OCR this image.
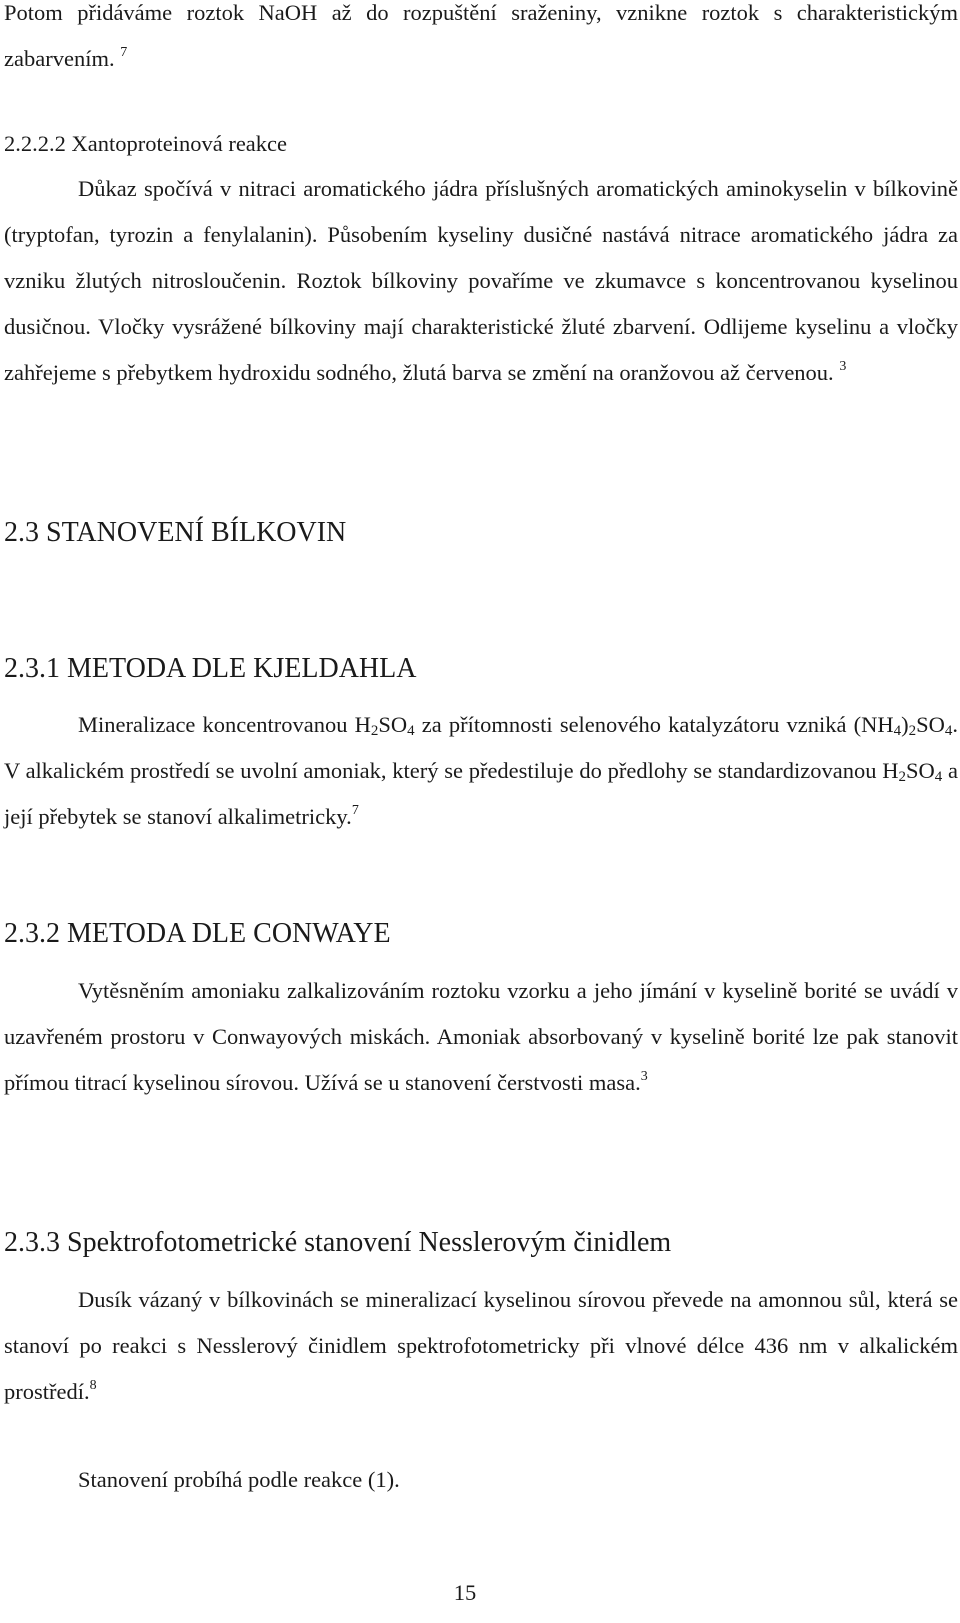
Potom přidáváme roztok NaOH až do rozpuštění sraženiny, vznikne roztok s charakteristickým zabarvením. $^7$

2.2.2.2 Xantoproteinová reakce

Důkaz spočívá v nitraci aromatického jádra příslušných aromatických aminokyselin v bílkovině (tryptofan, tyrozin a fenylalanin). Působením kyseliny dusičné nastává nitrace aromatického jádra za vzniku žlutých nitrosloučenin. Roztok bílkoviny povaříme ve zkumavce s koncentrovanou kyselinou dusičnou. Vločky vysrážené bílkoviny mají charakteristické žluté zbarvení. Odlijeme kyselinu a vločky zahřejeme s přebytkem hydroxidu sodného, žlutá barva se změní na oranžovou až červenou. $^3$

2.3 STANOVENÍ BÍLKOVIN
2.3.1 METODA DLE KJELDAHLA

Mineralizace koncentrovanou $H_2SO_4$ za přítomnosti selenového katalyzátoru vzniká $(NH_4)_2SO_4$. V alkalickém prostředí se uvolní amoniak, který se předestiluje do předlohy se standardizovanou $H_2SO_4$ a její přebytek se stanoví alkalimetricky.$^7$

2.3.2 METODA DLE CONWAYE

Vytěsněním amoniaku zalkalizováním roztoku vzorku a jeho jímání v kyselině borité se uvádí v uzavřeném prostoru v Conwayových miskách. Amoniak absorbovaný v kyselině borité lze pak stanovit přímou titrací kyselinou sírovou. Užívá se u stanovení čerstvosti masa.$^3$

2.3.3 Spektrofotometrické stanovení Nesslerovým činidlem

Dusík vázaný v bílkovinách se mineralizací kyselinou sírovou převede na amonnou sůl, která se stanoví po reakci s Nesslerový činidlem spektrofotometricky při vlnové délce 436 nm v alkalickém prostředí.$^8$

Stanovení probíhá podle reakce (1).

15
